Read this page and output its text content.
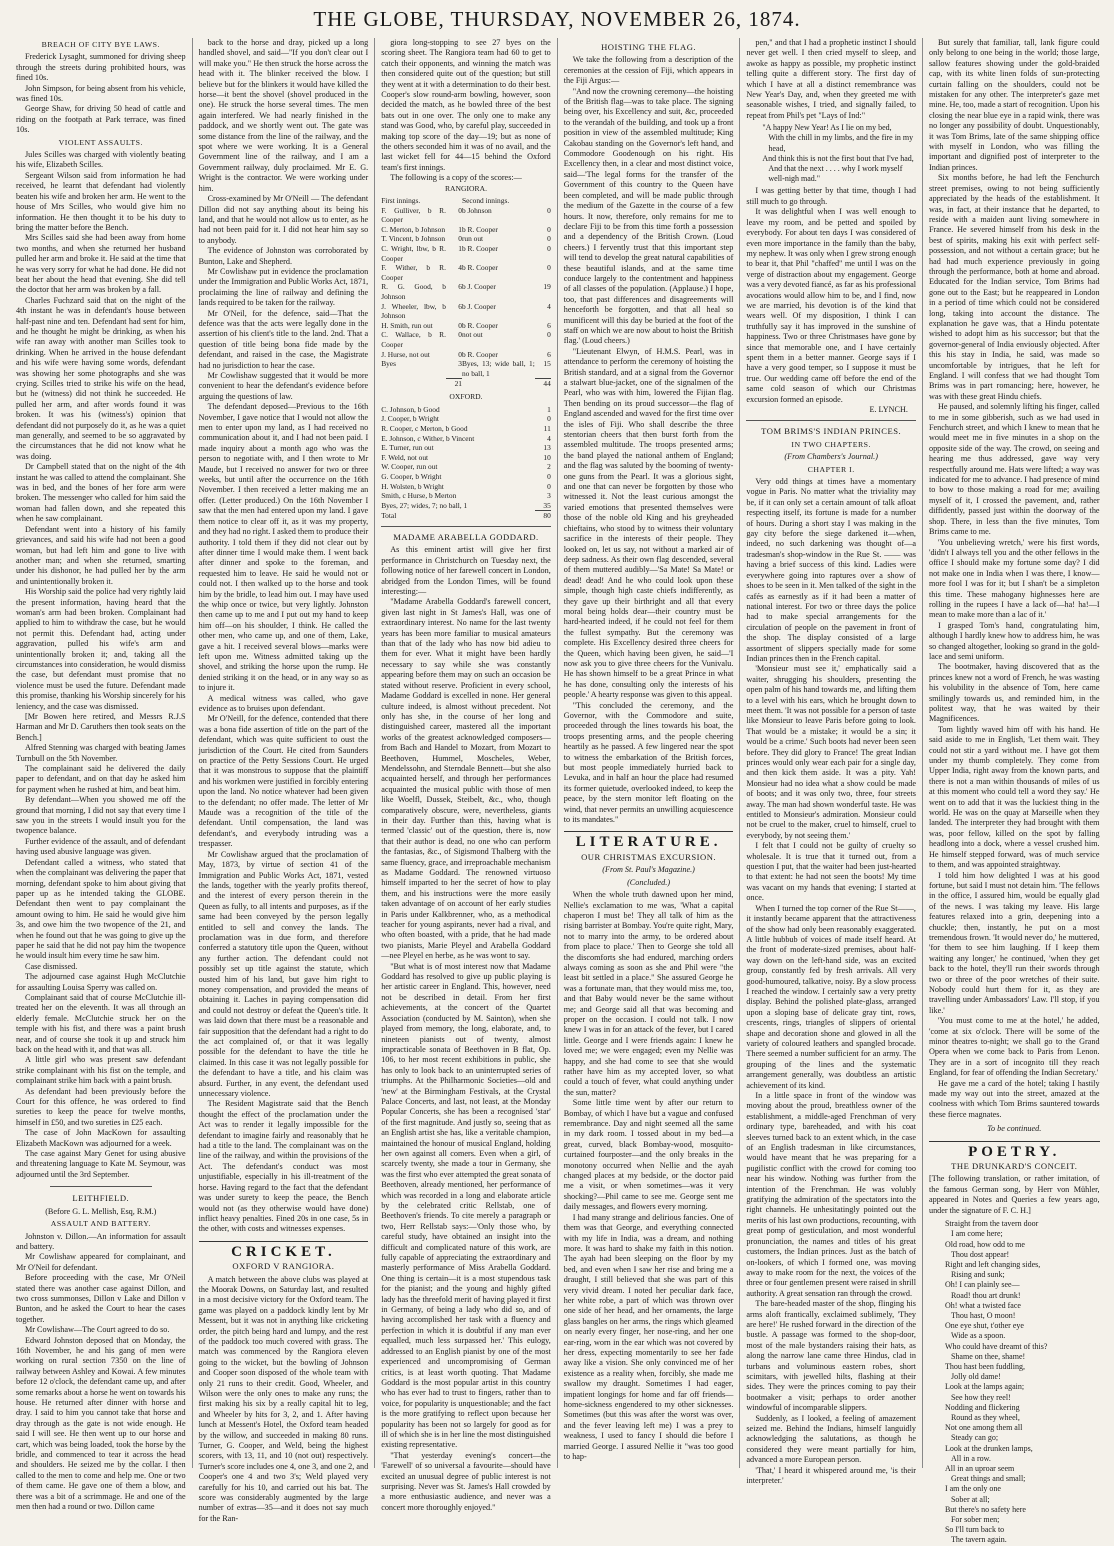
THE GLOBE, THURSDAY, NOVEMBER 26, 1874.
BREACH OF CITY BYE LAWS.

Frederick Lysaght, summoned for driving sheep through the streets during prohibited hours, was fined 10s.

John Simpson, for being absent from his vehicle, was fined 10s.

George Shaw, for driving 50 head of cattle and riding on the footpath at Park terrace, was fined 10s.

VIOLENT ASSAULTS.

Jules Scilles was charged with violently beating his wife, Elizabeth Scilles.

Sergeant Wilson said from information he had received, he learnt that defendant had violently beaten his wife and broken her arm. He went to the house of Mrs Scilles, who would give him no information. He then thought it to be his duty to bring the matter before the Bench.

Mrs Scilles said she had been away from home two months, and when she returned her husband pulled her arm and broke it. He said at the time that he was very sorry for what he had done. He did not beat her about the head that evening. She did tell the doctor that her arm was broken by a fall.

Charles Fuchzard said that on the night of the 4th instant he was in defendant's house between half-past nine and ten. Defendant had sent for him, and he thought he might be drinking, as when his wife ran away with another man Scilles took to drinking. When he arrived in the house defendant and his wife were having some words, defendant was showing her some photographs and she was crying. Scilles tried to strike his wife on the head, but he (witness) did not think he succeeded. He pulled her arm, and after words found it was broken. It was his (witness's) opinion that defendant did not purposely do it, as he was a quiet man generally, and seemed to be so aggravated by the circumstances that he did not know what he was doing.

Dr Campbell stated that on the night of the 4th instant he was called to attend the complainant. She was in bed, and the bones of her fore arm were broken. The messenger who called for him said the woman had fallen down, and she repeated this when he saw complainant.

Defendant went into a history of his family grievances, and said his wife had not been a good woman, but had left him and gone to live with another man; and when she returned, smarting under his dishonor, he had pulled her by the arm and unintentionally broken it.

His Worship said the police had very rightly laid the present information, having heard that the woman's arm had been broken. Complainant had applied to him to withdraw the case, but he would not permit this. Defendant had, acting under aggravation, pulled his wife's arm and unintentionally broken it; and, taking all the circumstances into consideration, he would dismiss the case, but defendant must promise that no violence must be used the future. Defendant made this promise, thanking his Worship sincerely for his leniency, and the case was dismissed.

[Mr Bowen here retired, and Messrs R.J.S Harman and Mr D. Caruthers then took seats on the Bench.]

Alfred Stenning was charged with beating James Turnbull on the 5th November.

The complainant said he delivered the daily paper to defendant, and on that day he asked him for payment when he rushed at him, and beat him.

By defendant—When you showed me off the ground that morning, I did not say that every time I saw you in the streets I would insult you for the twopence balance.

Further evidence of the assault, and of defendant having used abusive language was given.

Defendant called a witness, who stated that when the complainant was delivering the paper that morning, defendant spoke to him about giving that paper up as he intended taking the GLOBE. Defendant then went to pay complainant the amount owing to him. He said he would give him 3s, and owe him the two twopence of the 21, and when he found out that he was going to give up the paper he said that he did not pay him the twopence he would insult him every time he saw him.

Case dismissed.

The adjourned case against Hugh McClutchie for assaulting Louisa Sperry was called on.

Complainant said that of course McClutchie ill-treated her on the eleventh. It was all through an elderly female. McClutchie struck her on the temple with his fist, and there was a paint brush near, and of course she took it up and struck him back on the head with it, and that was all.

A little girl who was present saw defendant strike complainant with his fist on the temple, and complainant strike him back with a paint brush.

As defendant had been previously before the Court for this offence, he was ordered to find sureties to keep the peace for twelve months, himself in £50, and two sureties in £25 each.

The case of John MacKown for assaulting Elizabeth MacKown was adjourned for a week.

The case against Mary Genet for using abusive and threatening language to Kate M. Seymour, was adjourned until the 3rd September.

LEITHFIELD.
(Before G. L. Mellish, Esq, R.M.)
ASSAULT AND BATTERY.

Johnston v. Dillon.—An information for assault and battery.

Mr Cowlishaw appeared for complainant, and Mr O'Neil for defendant.

Before proceeding with the case, Mr O'Neil stated there was another case against Dillon, and two cross summonses, Dillon v Lake and Dillon v Bunton, and he asked the Court to hear the cases together.

Mr Cowlishaw—The Court agreed to do so.

Edward Johnston deposed that on Monday, the 16th November, he and his gang of men were working on rural section 7350 on the line of railway between Ashley and Kowai. A few minutes before 12 o'clock, the defendant came up, and after some remarks about a horse he went on towards his house. He returned after dinner with horse and dray. I said to him you cannot take that horse and dray through as the gate is not wide enough. He said I will see. He then went up to our horse and cart, which was being loaded, took the horse by the bridle, and commenced to tear it across the head and shoulders. He seized me by the collar. I then called to the men to come and help me. One or two of them came. He gave one of them a blow, and there was a bit of a scrimmage. He and one of the men then had a round or two. Dillon came

back to the horse and dray, picked up a long handled shovel, and said—"If you don't clear out I will make you." He then struck the horse across the head with it. The blinker received the blow. I believe but for the blinkers it would have killed the horse—it bent the shovel (shovel produced in the one). He struck the horse several times. The men again interfered. We had nearly finished in the paddock, and we shortly went out. The gate was some distance from the line of the railway, and the spot where we were working. It is a General Government line of the railway, and I am a Government railway, duly proclaimed. Mr E. G. Wright is the contractor. We were working under him.

Cross-examined by Mr O'Neill — The defendant Dillon did not say anything about its being his land, and that he would not allow us to enter, as he had not been paid for it. I did not hear him say so to anybody.

The evidence of Johnston was corroborated by Bunton, Lake and Shepherd.

Mr Cowlishaw put in evidence the proclamation under the Immigration and Public Works Act, 1871, proclaiming the line of railway and defining the lands required to be taken for the railway.

Mr O'Neil, for the defence, said—That the defence was that the acts were legally done in the assertion of his client's title to the land. 2nd. That a question of title being bona fide made by the defendant, and raised in the case, the Magistrate had no jurisdiction to hear the case.

Mr Cowlishaw suggested that it would be more convenient to hear the defendant's evidence before arguing the questions of law.

The defendant deposed—Previous to the 16th November, I gave notice that I would not allow the men to enter upon my land, as I had received no communication about it, and I had not been paid. I made inquiry about a month ago who was the person to negotiate with, and I then wrote to Mr Maude, but I received no answer for two or three weeks, but until after the occurrence on the 16th November. I then received a letter making me an offer. (Letter produced.) On the 16th November I saw that the men had entered upon my land. I gave them notice to clear off it, as it was my property, and they had no right. I asked them to produce their authority. I told them if they did not clear out by after dinner time I would make them. I went back after dinner and spoke to the foreman, and requested him to leave. He said he would not or could not. I then walked up to the horse and took him by the bridle, to lead him out. I may have used the whip once or twice, but very lightly. Johnston then came up to me and I put out my hand to keep him off—on his shoulder, I think. He called the other men, who came up, and one of them, Lake, gave a hit. I received several blows—marks were left upon me. Witness admitted taking up the shovel, and striking the horse upon the rump. He denied striking it on the head, or in any way so as to injure it.

A medical witness was called, who gave evidence as to bruises upon defendant.

Mr O'Neill, for the defence, contended that there was a bona fide assertion of title on the part of the defendant, which was quite sufficient to oust the jurisdiction of the Court. He cited from Saunders on practice of the Petty Sessions Court. He urged that it was monstrous to suppose that the plaintiff and his workmen were justified in forcibly entering upon the land. No notice whatever had been given to the defendant; no offer made. The letter of Mr Maude was a recognition of the title of the defendant. Until compensation, the land was defendant's, and everybody intruding was a trespasser.

Mr Cowlishaw argued that the proclamation of May, 1873, by virtue of section 41 of the Immigration and Public Works Act, 1871, vested the lands, together with the yearly profits thereof, and the interest of every person therein in the Queen as fully, to all intents and purposes, as if the same had been conveyed by the person legally entitled to sell and convey the lands. The proclamation was in due form, and therefore conferred a statutory title upon the Queen, without any further action. The defendant could not possibly set up title against the statute, which ousted him of his land, but gave him right to money compensation, and provided the means of obtaining it. Laches in paying compensation did and could not destroy or defeat the Queen's title. It was laid down that there must be a reasonable and fair supposition that the defendant had a right to do the act complained of, or that it was legally possible for the defendant to have the title he claimed. In this case it was not legally possible for the defendant to have a title, and his claim was absurd. Further, in any event, the defendant used unnecessary violence.

The Resident Magistrate said that the Bench thought the effect of the proclamation under the Act was to render it legally impossible for the defendant to imagine fairly and reasonably that he had a title to the land. The complainant was on the line of the railway, and within the provisions of the Act. The defendant's conduct was most unjustifiable, especially in his ill-treatment of the horse. Having regard to the fact that the defendant was under surety to keep the peace, the Bench would not (as they otherwise would have done) inflict heavy penalties. Fined 20s in one case, 5s in the other, with costs and witnesses expenses.

CRICKET.
OXFORD V RANGIORA.

A match between the above clubs was played at the Moorak Downs, on Saturday last, and resulted in a most decisive victory for the Oxford team. The game was played on a paddock kindly lent by Mr Messent, but it was not in anything like cricketing order, the pitch being hard and lumpy, and the rest of the paddock too much covered with grass. The match was commenced by the Rangiora eleven going to the wicket, but the bowling of Johnson and Cooper soon disposed of the whole team with only 21 runs to their credit. Good, Wheeler, and Wilson were the only ones to make any runs; the first making his six by a really capital hit to leg, and Wheeler by hits for 3, 2, and 1. After having lunch at Messent's Hotel, the Oxford team headed by the willow, and succeeded in making 80 runs. Turner, G. Cooper, and Weld, being the highest scorers, with 13, 11, and 10 (not out) respectively. Turner's score includes one 4, one 3, and one 2, and Cooper's one 4 and two 3's; Weld played very carefully for his 10, and carried out his bat. The score was considerably augmented by the large number of extras—35—and it does not say much for the Ran-

giora long-stopping to see 27 byes on the scoring sheet. The Rangiora team had 60 to get to catch their opponents, and winning the match was then considered quite out of the question; but still they went at it with a determination to do their best. Cooper's slow round-arm bowling, however, soon decided the match, as he bowled three of the best bats out in one over. The only one to make any stand was Good, who, by careful play, succeeded in making top score of the day—19; but as none of the others seconded him it was of no avail, and the last wicket fell for 44—15 behind the Oxford team's first innings.

The following is a copy of the scores:—

RANGIORA.
First innings.		Second innings.	
F. Gulliver, b R. Cooper	0	b Johnson	0
C. Merton, b Johnson	1	b R. Cooper	0
T. Vincent, b Johnson	0	run out	0
C. Wright, lbw, b R. Cooper	1	b R. Cooper	0
F. Wither, b R. Cooper	4	b R. Cooper	0
R. G. Good, b Johnson	6	b J. Cooper	19
J. Wheeler, lbw, b Johnson	6	b J. Cooper	4
H. Smith, run out	0	b R. Cooper	6
C. Wallace, b R. Cooper	0	not out	0
J. Hurse, not out	0	b R. Cooper	6
Byes	3	Byes, 13; wide ball, 1; no ball, 1	15
	21		44
OXFORD.
C. Johnson, b Good	1
J. Cooper, b Wright	0
R. Cooper, c Merton, b Good	11
E. Johnson, c Wither, b Vincent	4
E. Turner, run out	13
F. Weld, not out	10
W. Cooper, run out	2
G. Cooper, b Wright	0
H. Wolsten, b Wright	0
Smith, c Hurse, b Merton	3
Byes, 27; wides, 7; no ball, 1	35
Total	80
MADAME ARABELLA GODDARD.

As this eminent artist will give her first performance in Christchurch on Tuesday next, the following notice of her farewell concert in London, abridged from the London Times, will be found interesting:—

"Madame Arabella Goddard's farewell concert, given last night in St James's Hall, was one of extraordinary interest. No name for the last twenty years has been more familiar to musical amateurs than that of the lady who has now bid adieu to them for ever. What it might have been hardly necessary to say while she was constantly appearing before them may on such an occasion be stated without reserve. Proficient in every school, Madame Goddard is excelled in none. Her general culture indeed, is almost without precedent. Not only has she, in the course of her long and distinguished career, mastered all the important works of the greatest acknowledged composers—from Bach and Handel to Mozart, from Mozart to Beethoven, Hummel, Moscheles, Weber, Mendelssohn, and Sterndale Bennett—but she also acquainted herself, and through her performances acquainted the musical public with those of men like Woelfl, Dussek, Steibelt, &c., who, though comparatively obscure, were, nevertheless, giants in their day. Further than this, having what is termed 'classic' out of the question, there is, now that their author is dead, no one who can perform the fantasias, &c., of Sigismond Thalberg with the same fluency, grace, and irreproachable mechanism as Madame Goddard. The renowned virtuoso himself imparted to her the secret of how to play them, and his instructions were the more easily taken advantage of on account of her early studies in Paris under Kalkbrenner, who, as a methodical teacher for young aspirants, never had a rival, and who often boasted, with a pride, that he had made two pianists, Marie Pleyel and Arabella Goddard —nee Pleyel en herbe, as he was wont to say.

"But what is of most interest now that Madame Goddard has resolved to give up public playing is her artistic career in England. This, however, need not be described in detail. From her first achievements, at the concert of the Quartet Association (conducted by M. Sainton), when she played from memory, the long, elaborate, and, to nineteen pianists out of twenty, almost impracticable sonata of Beethoven in B flat, Op. 106, to her most recent exhibitions in public, she has only to look back to an uninterrupted series of triumphs. At the Philharmonic Societies—old and 'new' at the Birmingham Festivals, at the Crystal Palace Concerts, and last, not least, at the Monday Popular Concerts, she has been a recognised 'star' of the first magnitude. And justly so, seeing that as an English artist she has, like a veritable champion, maintained the honour of musical England, holding her own against all comers. Even when a girl, of scarcely twenty, she made a tour in Germany, she was the first who ever attempted the great sonata of Beethoven, already mentioned, her performance of which was recorded in a long and elaborate article by the celebrated critic Rellstab, one of Beethoven's friends. To cite merely a paragraph or two, Herr Rellstab says:—'Only those who, by careful study, have obtained an insight into the difficult and complicated nature of this work, are fully capable of appreciating the extraordinary and masterly performance of Miss Arabella Goddard. One thing is certain—it is a most stupendous task for the pianist; and the young and highly gifted lady has the threefold merit of having played it first in Germany, of being a lady who did so, and of having accomplished her task with a fluency and perfection in which it is doubtful if any man ever equalled, much less surpassed her.' This eulogy, addressed to an English pianist by one of the most experienced and uncompromising of German critics, is at least worth quoting. That Madame Goddard is the most popular artist in this country who has ever had to trust to fingers, rather than to voice, for popularity is unquestionable; and the fact is the more gratifying to reflect upon because her popularity has been not so largely for good as for ill of which she is in her line the most distinguished existing representative.

"That yesterday evening's concert—the 'Farewell' of so universal a favourite—should have excited an unusual degree of public interest is not surprising. Never was St. James's Hall crowded by a more enthusiastic audience, and never was a concert more thoroughly enjoyed."

HOISTING THE FLAG.

We take the following from a description of the ceremonies at the cession of Fiji, which appears in the Fiji Argus:—

"And now the crowning ceremony—the hoisting of the British flag—was to take place. The signing being over, his Excellency and suit, &c, proceeded to the verandah of the building, and took up a front position in view of the assembled multitude; King Cakobau standing on the Governor's left hand, and Commodore Goodenough on his right. His Excellency then, in a clear and most distinct voice, said—'The legal forms for the transfer of the Government of this country to the Queen have been completed, and will be made public through the medium of the Gazette in the course of a few hours. It now, therefore, only remains for me to declare Fiji to be from this time forth a possession and a dependency of the British Crown. (Loud cheers.) I fervently trust that this important step will tend to develop the great natural capabilities of these beautiful islands, and at the same time conduce largely to the contentment and happiness of all classes of the population. (Applause.) I hope, too, that past differences and disagreements will henceforth be forgotten, and that all heal so munificent will this day be buried at the foot of the staff on which we are now about to hoist the British flag.' (Loud cheers.)

"Lieutenant Elwyn, of H.M.S. Pearl, was in attendance to perform the ceremony of hoisting the British standard, and at a signal from the Governor a stalwart blue-jacket, one of the signalmen of the Pearl, who was with him, lowered the Fijian flag. Then bending on its proud successor—the flag of England ascended and waved for the first time over the isles of Fiji. Who shall describe the three stentorian cheers that then burst forth from the assembled multitude. The troops presented arms; the band played the national anthem of England; and the flag was saluted by the booming of twenty-one guns from the Pearl. It was a glorious sight, and one that can never be forgotten by those who witnessed it. Not the least curious amongst the varied emotions that presented themselves were those of the noble old King and his greyheaded chieftains, who stood by to witness their voluntary sacrifice in the interests of their people. They looked on, let us say, not without a marked air of deep sadness. As their own flag descended, several of them muttered audibly—'Sa Mate! Sa Mate! or dead! dead! And he who could look upon these simple, though high caste chiefs indifferently, as they gave up their birthright and all that every moral being holds dear—their country must be hard-hearted indeed, if he could not feel for them the fullest sympathy. But the ceremony was complete. His Excellency desired three cheers for the Queen, which having been given, he said—'I now ask you to give three cheers for the Vunivalu. He has shown himself to be a great Prince in what he has done, consulting only the interests of his people.' A hearty response was given to this appeal.

"This concluded the ceremony, and the Governor, with the Commodore and suite, proceeded through the lines towards his boat, the troops presenting arms, and the people cheering heartily as he passed. A few lingered near the spot to witness the embarkation of the British forces, but most people immediately hurried back to Levuka, and in half an hour the place had resumed its former quietude, overlooked indeed, to keep the peace, by the stern monitor left floating on the wind, that never permits an unwilling acquiescence to its mandates."

LITERATURE.
OUR CHRISTMAS EXCURSION.
(From St. Paul's Magazine.)
(Concluded.)

When the whole truth dawned upon her mind, Nellie's exclamation to me was, 'What a capital chaperon I must be! They all talk of him as the rising barrister at Bombay. You're quite right, Mary, not to marry into the army, to be ordered about from place to place.' Then to George she told all the discomforts she had endured, marching orders always coming as soon as she and Phil were "the least bit settled in a place." She assured George he was a fortunate man, that they would miss me, too, and that Baby would never be the same without me; and George said all that was becoming and proper on the occasion. I could not talk. I now knew I was in for an attack of the fever, but I cared little. George and I were friends again: I knew he loved me; we were engaged; even my Nellie was happy, and she had come to see that she would rather have him as my accepted lover, so what could a touch of fever, what could anything under the sun, matter?

Some little time went by after our return to Bombay, of which I have but a vague and confused remembrance. Day and night seemed all the same in my dark room. I tossed about in my bed—a great, curved, black Bombay-wood, mosquito-curtained fourposter—and the only breaks in the monotony occurred when Nellie and the ayah changed places at my bedside, or the doctor paid me a visit, or when sometimes—was it very shocking?—Phil came to see me. George sent me daily messages, and flowers every morning.

I had many strange and delirious fancies. One of them was that George, and everything connected with my life in India, was a dream, and nothing more. It was hard to shake my faith in this notion. The ayah had been sleeping on the floor by my bed, and even when I saw her rise and bring me a draught, I still believed that she was part of this very vivid dream. I noted her peculiar dark face, her white robe, a part of which was thrown over one side of her head, and her ornaments, the large glass bangles on her arms, the rings which gleamed on nearly every finger, her nose-ring, and her one ear-ring, worn in the ear which was not covered by her dress, expecting momentarily to see her fade away like a vision. She only convinced me of her existence as a reality when, forcibly, she made me swallow my draught. Sometimes I had eager, impatient longings for home and far off friends—home-sickness engendered to my other sicknesses. Sometimes (but this was after the worst was over, and the fever leaving left me) I was a prey to weakness, I used to fancy I should die before I married George. I assured Nellie it "was too good to hap-

pen," and that I had a prophetic instinct I should never get well. I then cried myself to sleep, and awoke as happy as possible, my prophetic instinct telling quite a different story. The first day of which I have at all a distinct remembrance was New Year's Day, and, when they greeted me with seasonable wishes, I tried, and signally failed, to repeat from Phil's pet "Lays of Ind:"

"A happy New Year! As I lie on my bed,
With the chill in my limbs, and the fire in my head,
And think this is not the first bout that I've had,
And that the next . . . . why I work myself well-nigh mad."

I was getting better by that time, though I had still much to go through.

It was delightful when I was well enough to leave my room, and be petted and spoiled by everybody. For about ten days I was considered of even more importance in the family than the baby, my nephew. It was only when I grew strong enough to bear it, that Phil "chaffed" me until I was on the verge of distraction about my engagement. George was a very devoted fiancé, as far as his professional avocations would allow him to be, and I find, now we are married, his devotion is of the kind that wears well. Of my disposition, I think I can truthfully say it has improved in the sunshine of happiness. Two or three Christmases have gone by since that memorable one, and I have certainly spent them in a better manner. George says if I have a very good temper, so I suppose it must be true. Our wedding came off before the end of the same cold season of which our Christmas excursion formed an episode.

E. LYNCH.
TOM BRIMS'S INDIAN PRINCES.
IN TWO CHAPTERS.
(From Chambers's Journal.)
CHAPTER I.

Very odd things at times have a momentary vogue in Paris. No matter what the triviality may be, if it can only set a certain amount of talk afloat respecting itself, its fortune is made for a number of hours. During a short stay I was making in the gay city before the siege darkened it—when, indeed, no such darkening was thought of—a tradesman's shop-window in the Rue St. —— was having a brief success of this kind. Ladies were everywhere going into raptures over a show of shoes to be seen in it. Men talked of the sight in the cafés as earnestly as if it had been a matter of national interest. For two or three days the police had to make special arrangements for the circulation of people on the pavement in front of the shop. The display consisted of a large assortment of slippers specially made for some Indian princes then in the French capital.

'Monsieur must see it,' emphatically said a waiter, shrugging his shoulders, presenting the open palm of his hand towards me, and lifting them to a level with his ears, which he brought down to meet them. 'It was not possible for a person of taste like Monsieur to leave Paris before going to look. That would be a mistake; it would be a sin; it would be a crime.' Such boots had never been seen before. They did glory to France! The great Indian princes would only wear each pair for a single day, and then kick them aside. It was a pity. Yah! Monsieur had no idea what a show could be made of boots; and it was only two, three, four streets away. The man had shown wonderful taste. He was entitled to Monsieur's admiration. Monsieur could not be cruel to the maker, cruel to himself, cruel to everybody, by not seeing them.'

I felt that I could not be guilty of cruelty so wholesale. It is true that it turned out, from a question I put, that the waiter had been just-hearted to that extent: he had not seen the boots! My time was vacant on my hands that evening; I started at once.

When I turned the top corner of the Rue St——, it instantly became apparent that the attractiveness of the show had only been reasonably exaggerated. A little hubbub of voices of made itself heard. At the front of moderate-sized premises, about half-way down on the left-hand side, was an excited group, constantly fed by fresh arrivals. All very good-humoured, talkative, noisy. By a slow process I reached the window. I certainly saw a very pretty display. Behind the polished plate-glass, arranged upon a sloping base of delicate gray tint, rows, crescents, rings, triangles of slippers of oriental shape and decoration shone and glowed in all the variety of coloured leathers and spangled brocade. There seemed a number sufficient for an army. The grouping of the lines and the systematic arrangement generally, was doubtless an artistic achievement of its kind.

In a little space in front of the window was moving about the proud, breathless owner of the establishment, a middle-aged Frenchman of very ordinary type, bareheaded, and with his coat sleeves turned back to an extent which, in the case of an English tradesman in like circumstances, would have meant that he was preparing for a pugilistic conflict with the crowd for coming too near his window. Nothing was further from the intention of the Frenchman. He was volubly gratifying the admiration of the spectators into the right channels. He unhesitatingly pointed out the merits of his last own productions, recounting, with great pomp of gesticulation, and most wonderful pronunciation, the names and titles of his great customers, the Indian princes. Just as the batch of on-lookers, of which I formed one, was moving away to make room for the next, the voices of the three or four gentlemen present were raised in shrill authority. A great sensation ran through the crowd.

The bare-headed master of the shop, flinging his arms aloft frantically, exclaimed sublimely, 'They are here!' He rushed forward in the direction of the bustle. A passage was formed to the shop-door, most of the male bystanders raising their hats, as along the narrow lane came three Hindus, clad in turbans and voluminous eastern robes, short scimitars, with jewelled hilts, flashing at their sides. They were the princes coming to pay their bootmaker a visit; perhaps to order another windowful of incomparable slippers.

Suddenly, as I looked, a feeling of amazement seized me. Behind the Indians, himself languidly acknowledging the salutations, as though he considered they were meant partially for him, advanced a more European person.

'That,' I heard it whispered around me, 'is their interpreter.'

But surely that familiar, tall, lank figure could only belong to one being in the world; those large, sallow features showing under the gold-braided cap, with its white linen folds of sun-protecting curtain falling on the shoulders, could not be mistaken for any other. The interpreter's gaze met mine. He, too, made a start of recognition. Upon his closing the near blue eye in a rapid wink, there was no longer any possibility of doubt. Unquestionably, it was Tom Brims, late of the same shipping office with myself in London, who was filling the important and dignified post of interpreter to the Indian princes.

Six months before, he had left the Fenchurch street premises, owing to not being sufficiently appreciated by the heads of the establishment. It was, in fact, at their instance that he departed, to reside with a maiden aunt living somewhere in France. He severed himself from his desk in the best of spirits, making his exit with perfect self-possession, and not without a certain grace; but he had had much experience previously in going through the performance, both at home and abroad. Educated for the Indian service, Tom Brims had gone out to the East; but he reappeared in London in a period of time which could not be considered long, taking into account the distance. The explanation he gave was, that a Hindu potentate wished to adopt him as his successor; but that the governor-general of India enviously objected. After this his stay in India, he said, was made so uncomfortable by intrigues, that he left for England. I will confess that we had thought Tom Brims was in part romancing; here, however, he was with these great Hindu chiefs.

He paused, and solemnly lifting his finger, called to me in some gibberish, such as we had used in Fenchurch street, and which I knew to mean that he would meet me in five minutes in a shop on the opposite side of the way. The crowd, on seeing and hearing me thus addressed, gave way very respectfully around me. Hats were lifted; a way was indicated for me to advance. I had presence of mind to bow to those making a road for me; availing myself of it, I crossed the pavement, and, rather diffidently, passed just within the doorway of the shop. There, in less than the five minutes, Tom Brims came to me.

'You unbelieving wretch,' were his first words, 'didn't I always tell you and the other fellows in the office I should make my fortune some day? I did not make one in India when I was there, I know—more fool I was for it; but I shan't be a simpleton this time. These mahogany highnesses here are rolling in the rupees I have a lack of—ha! ha!—I mean to make more than a lac of it.'

I grasped Tom's hand, congratulating him, although I hardly knew how to address him, he was so changed altogether, looking so grand in the gold-lace and semi uniform.

The bootmaker, having discovered that as the princes knew not a word of French, he was wasting his volubility in the absence of Tom, here came smilingly towards us, and reminded him, in the politest way, that he was waited by their Magnificences.

Tom lightly waved him off with his hand. He said aside to me in English, 'Let them wait. They could not stir a yard without me. I have got them under my thumb completely. They come from Upper India, right away from the known parts, and there is not a man within thousands of miles of us at this moment who could tell a word they say.' He went on to add that it was the luckiest thing in the world. He was on the quay at Marseille when they landed. The interpreter they had brought with them was, poor fellow, killed on the spot by falling headlong into a dock, where a vessel crushed him. He himself stepped forward, was of much service to them, and was appointed straightway.

I told him how delighted I was at his good fortune, but said I must not detain him. 'The fellows in the office, I assured him, would be equally glad of the news. I was taking my leave. His large features relaxed into a grin, deepening into a chuckle; then, instantly, he put on a most tremendous frown. 'It would never do,' he muttered, 'for them to see him laughing. If I keep them waiting any longer,' he continued, 'when they get back to the hotel, they'll run their swords through two or three of the poor wretches of their suite. Nobody could hurt them for it, as they are travelling under Ambassadors' Law. I'll stop, if you like.'

'You must come to me at the hotel,' he added, 'come at six o'clock. There will be some of the minor theatres to-night; we shall go to the Grand Opera when we come back to Paris from Lenon. They are in a sort of incognito till they reach England, for fear of offending the Indian Secretary.'

He gave me a card of the hotel; taking I hastily made my way out into the street, amazed at the coolness with which Tom Brims sauntered towards these fierce magnates.

To be continued.
POETRY.
THE DRUNKARD'S CONCEIT.

[The following translation, or rather imitation, of the famous German song, by Herr von Mühler, appeared in Notes and Queries a few years ago, under the signature of F. C. H.]

Straight from the tavern door
I am come here;
Old road, how odd to me
Thou dost appear!
Right and left changing sides,
Rising and sunk;
Oh! I can plainly see—
Road! thou art drunk!
Oh! what a twisted face
Thou hast, O moon!
One eye shut, t'other eye
Wide as a spoon.
Who could have dreamt of this?
Shame on thee, shame!
Thou hast been fuddling,
Jolly old dame!
Look at the lamps again;
See how they reel!
Nodding and flickering
Round as they wheel,
Not one among them all
Steady can go;
Look at the drunken lamps,
All in a row.
All in an uproar seem
Great things and small;
I am the only one
Sober at all;
But there's no safety here
For sober men;
So I'll turn back to
The tavern again.
